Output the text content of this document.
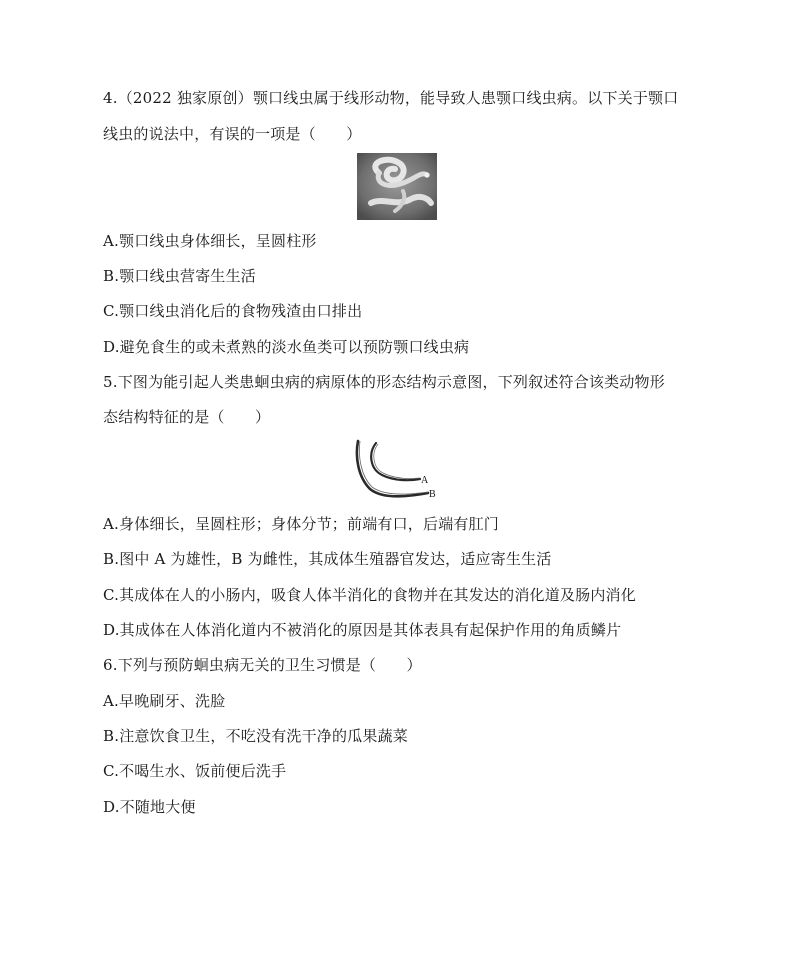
4.（2022 独家原创）颚口线虫属于线形动物，能导致人患颚口线虫病。以下关于颚口
线虫的说法中，有误的一项是（　　）
A.颚口线虫身体细长，呈圆柱形
B.颚口线虫营寄生生活
C.颚口线虫消化后的食物残渣由口排出
D.避免食生的或未煮熟的淡水鱼类可以预防颚口线虫病
5.下图为能引起人类患蛔虫病的病原体的形态结构示意图，下列叙述符合该类动物形
态结构特征的是（　　）
A
B
A.身体细长，呈圆柱形；身体分节；前端有口，后端有肛门
B.图中 A 为雄性，B 为雌性，其成体生殖器官发达，适应寄生生活
C.其成体在人的小肠内，吸食人体半消化的食物并在其发达的消化道及肠内消化
D.其成体在人体消化道内不被消化的原因是其体表具有起保护作用的角质鳞片
6.下列与预防蛔虫病无关的卫生习惯是（　　）
A.早晚刷牙、洗脸
B.注意饮食卫生，不吃没有洗干净的瓜果蔬菜
C.不喝生水、饭前便后洗手
D.不随地大便
